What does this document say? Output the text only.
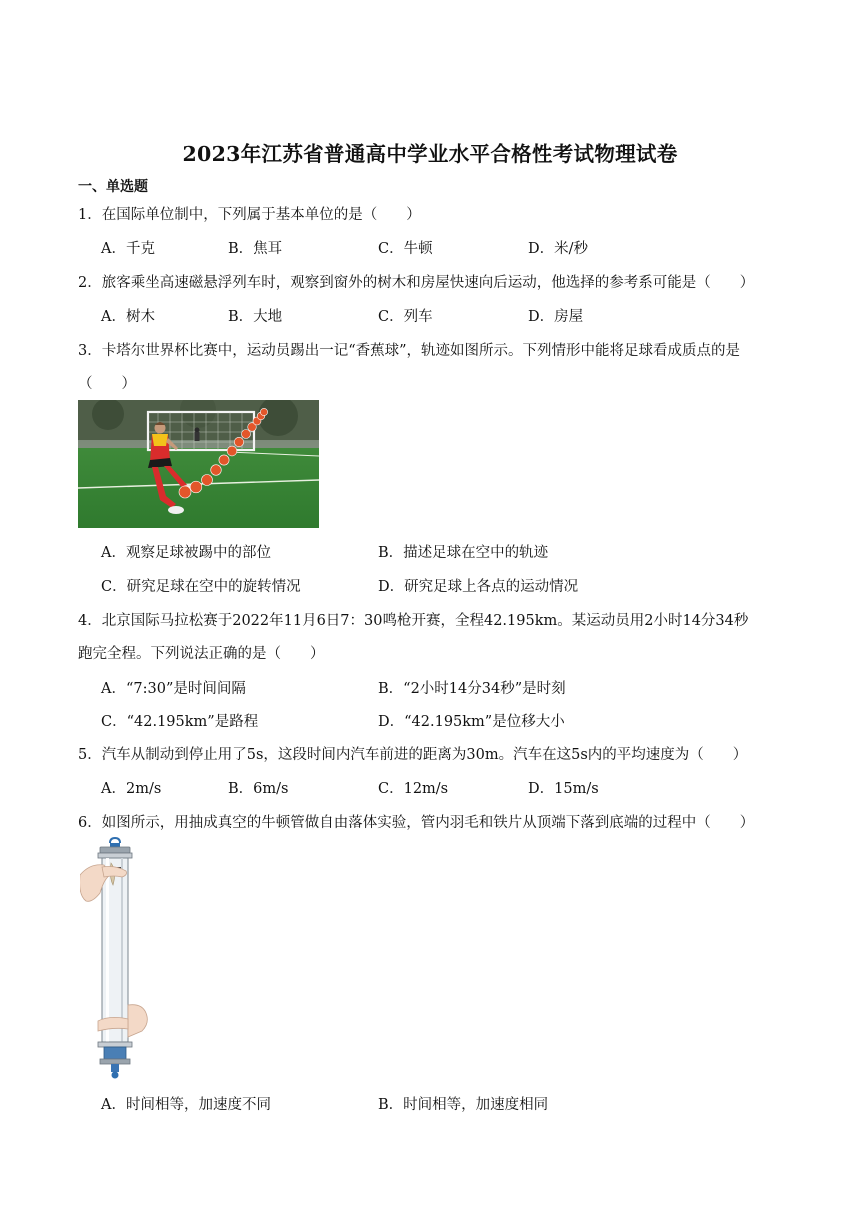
2023年江苏省普通高中学业水平合格性考试物理试卷
一、单选题
1．在国际单位制中，下列属于基本单位的是（　　）
A．千克	B．焦耳	C．牛顿	D．米/秒
2．旅客乘坐高速磁悬浮列车时，观察到窗外的树木和房屋快速向后运动，他选择的参考系可能是（　　）
A．树木	B．大地	C．列车	D．房屋
3．卡塔尔世界杯比赛中，运动员踢出一记“香蕉球”，轨迹如图所示。下列情形中能将足球看成质点的是
（　　）
A．观察足球被踢中的部位	B．描述足球在空中的轨迹
C．研究足球在空中的旋转情况	D．研究足球上各点的运动情况
4．北京国际马拉松赛于2022年11月6日7：30鸣枪开赛，全程42.195km。某运动员用2小时14分34秒
跑完全程。下列说法正确的是（　　）
A．“7:30”是时间间隔	B．“2小时14分34秒”是时刻
C．“42.195km”是路程	D．“42.195km”是位移大小
5．汽车从制动到停止用了5s，这段时间内汽车前进的距离为30m。汽车在这5s内的平均速度为（　　）
A．2m/s	B．6m/s	C．12m/s	D．15m/s
6．如图所示，用抽成真空的牛顿管做自由落体实验，管内羽毛和铁片从顶端下落到底端的过程中（　　）
A．时间相等，加速度不同	B．时间相等，加速度相同
